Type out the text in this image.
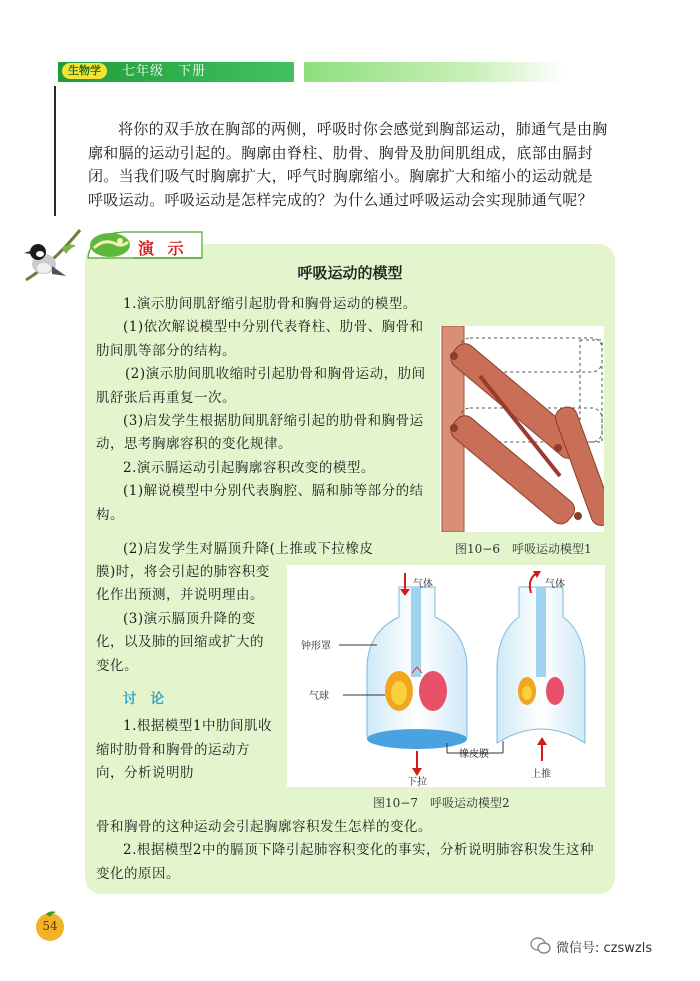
生物学	七年级　下册
将你的双手放在胸部的两侧，呼吸时你会感觉到胸部运动，肺通气是由胸廓和膈的运动引起的。胸廓由脊柱、肋骨、胸骨及肋间肌组成，底部由膈封闭。当我们吸气时胸廓扩大，呼气时胸廓缩小。胸廓扩大和缩小的运动就是呼吸运动。呼吸运动是怎样完成的？为什么通过呼吸运动会实现肺通气呢？
演 示
呼吸运动的模型
1.演示肋间肌舒缩引起肋骨和胸骨运动的模型。
(1)依次解说模型中分别代表脊柱、肋骨、胸骨和肋间肌等部分的结构。
(2)演示肋间肌收缩时引起肋骨和胸骨运动，肋间肌舒张后再重复一次。
(3)启发学生根据肋间肌舒缩引起的肋骨和胸骨运动，思考胸廓容积的变化规律。
2.演示膈运动引起胸廓容积改变的模型。
(1)解说模型中分别代表胸腔、膈和肺等部分的结构。
(2)启发学生对膈顶升降(上推或下拉橡皮
膜)时，将会引起的肺容积变化作出预测，并说明理由。
(3)演示膈顶升降的变化，以及肺的回缩或扩大的变化。
讨论
1.根据模型1中肋间肌收缩时肋骨和胸骨的运动方向，分析说明肋
骨和胸骨的这种运动会引起胸廓容积发生怎样的变化。
2.根据模型2中的膈顶下降引起肺容积变化的事实，分析说明肺容积发生这种变化的原因。
图10−6　呼吸运动模型1
气体
钟形罩
气球
橡皮膜
下拉
气体
上推
图10−7　呼吸运动模型2
54
微信号: czswzls
